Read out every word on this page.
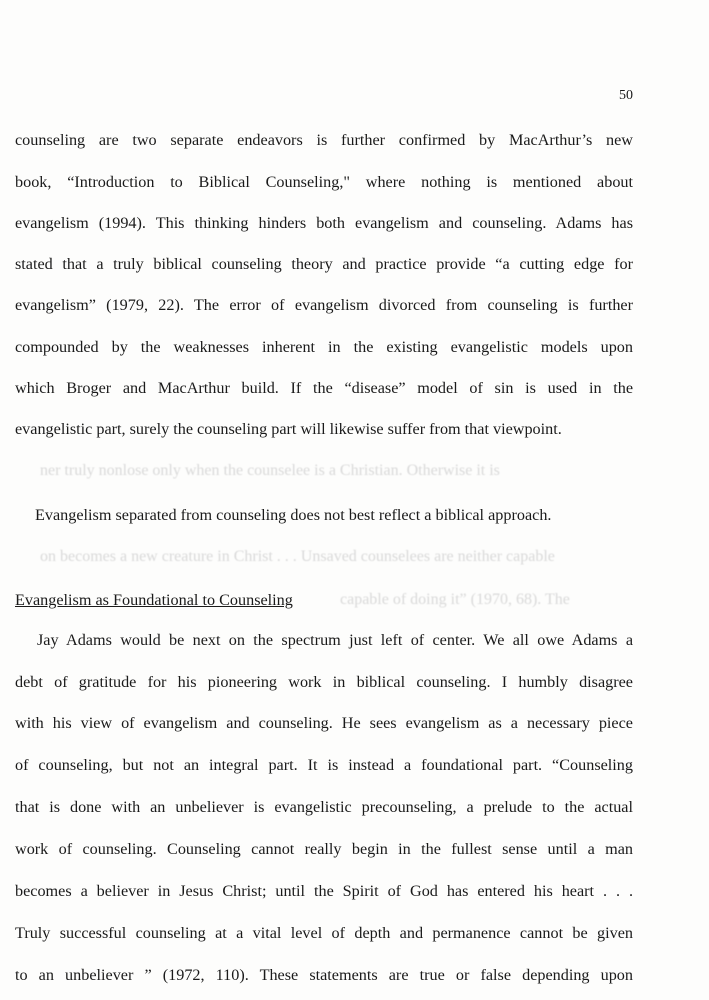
ner truly nonlose only when the counselee is a Christian. Otherwise it is
on becomes a new creature in Christ . . . Unsaved counselees are neither capable
capable of doing it” (1970, 68). The
50
counseling are two separate endeavors is further confirmed by MacArthur’s new
book, “Introduction to Biblical Counseling," where nothing is mentioned about
evangelism (1994). This thinking hinders both evangelism and counseling. Adams has
stated that a truly biblical counseling theory and practice provide “a cutting edge for
evangelism” (1979, 22). The error of evangelism divorced from counseling is further
compounded by the weaknesses inherent in the existing evangelistic models upon
which Broger and MacArthur build. If the “disease” model of sin is used in the
evangelistic part, surely the counseling part will likewise suffer from that viewpoint.
Evangelism separated from counseling does not best reflect a biblical approach.
Evangelism as Foundational to Counseling
Jay Adams would be next on the spectrum just left of center. We all owe Adams a
debt of gratitude for his pioneering work in biblical counseling. I humbly disagree
with his view of evangelism and counseling. He sees evangelism as a necessary piece
of counseling, but not an integral part. It is instead a foundational part. “Counseling
that is done with an unbeliever is evangelistic precounseling, a prelude to the actual
work of counseling. Counseling cannot really begin in the fullest sense until a man
becomes a believer in Jesus Christ; until the Spirit of God has entered his heart . . .
Truly successful counseling at a vital level of depth and permanence cannot be given
to an unbeliever ” (1972, 110). These statements are true or false depending upon
